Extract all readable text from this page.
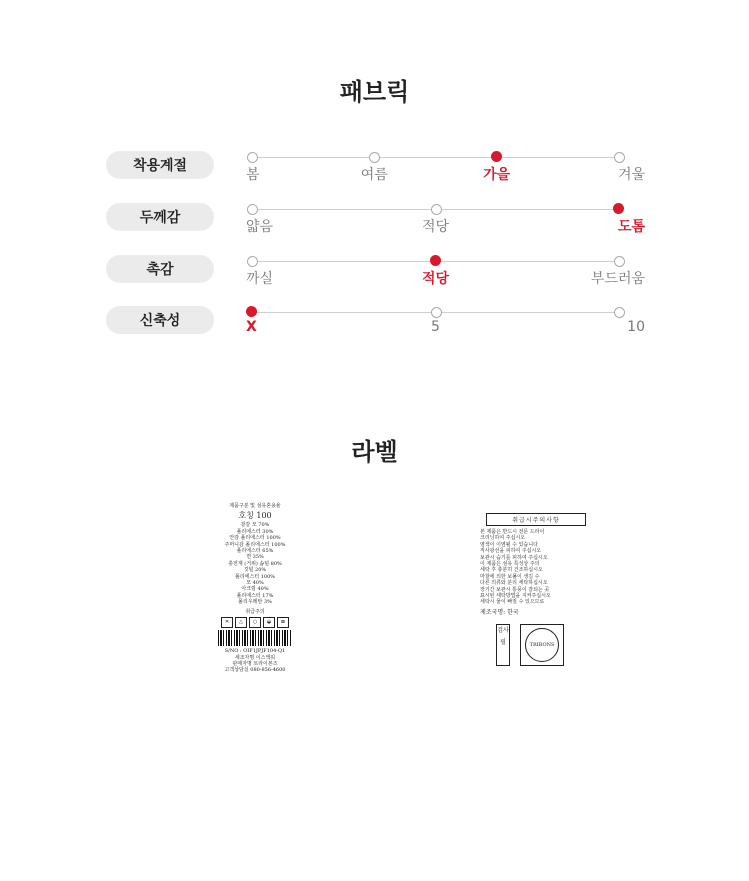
패브릭
착용계절
봄	여름	가을	겨울
두께감
얇음	적당	도톰
촉감
까실	적당	부드러움
신축성	X	5	10
라벨

제품구분 및 섬유혼용율

호칭 100

겉감 모 70%

폴리에스터 30%

안감 폴리에스터 100%

주머니감 폴리에스터 100%

폴리에스터 65%

면 35%

충전재 (거위) 솜털 80%

깃털 20%

폴리에스터 100%

모 40%

아크릴 40%

폴리에스터 17%

폴리우레탄 3%

취급주의

✕	△	○	◒	⊠

S/NO : OIF1JPJF104-Q1

세조자명 이스액워

판매자명 트라이본즈

고객상담실 080-856-4600

취급시주의사항

본 제품은 반드시 전문 드라이

크리닝하여 주십시오

염색이 이염될 수 있습니다

직사광선을 피하여 주십시오

보관시 습기를 피하여 주십시오

이 제품은 섬유 특성상 주의

세탁 후 충분히 건조하십시오

마찰에 의한 보풀이 생길 수

다른 의류와 분리 세탁하십시오

장기간 보관시 통풍이 잘되는 곳

표시된 세탁방법을 지켜주십시오

세탁시 물이 빠질 수 있으므로

제조국명: 한국

검사필	TRIBONS
